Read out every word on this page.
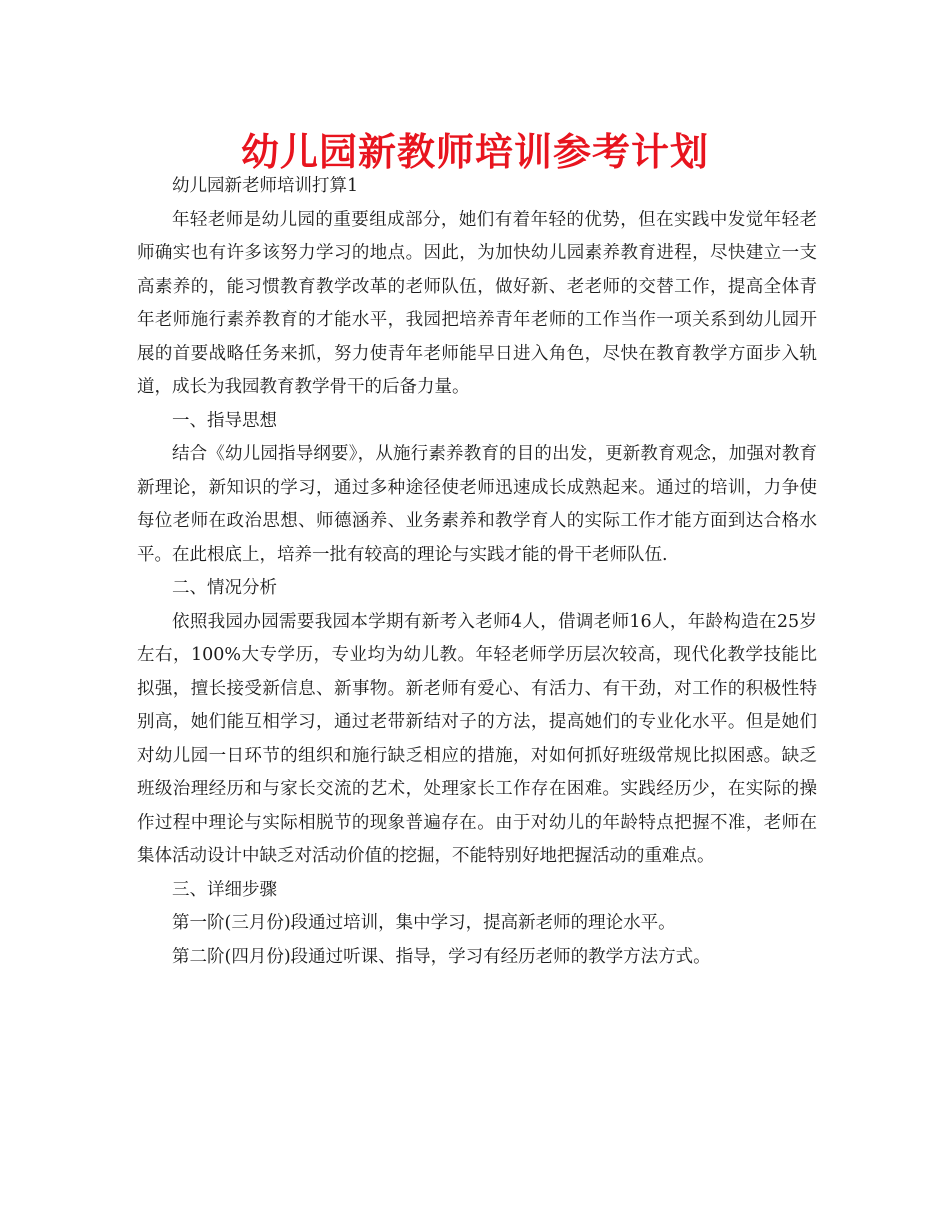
幼儿园新教师培训参考计划

幼儿园新老师培训打算1

年轻老师是幼儿园的重要组成部分，她们有着年轻的优势，但在实践中发觉年轻老师确实也有许多该努力学习的地点。因此，为加快幼儿园素养教育进程，尽快建立一支高素养的，能习惯教育教学改革的老师队伍，做好新、老老师的交替工作，提高全体青年老师施行素养教育的才能水平，我园把培养青年老师的工作当作一项关系到幼儿园开展的首要战略任务来抓，努力使青年老师能早日进入角色，尽快在教育教学方面步入轨道，成长为我园教育教学骨干的后备力量。

一、指导思想

结合《幼儿园指导纲要》，从施行素养教育的目的出发，更新教育观念，加强对教育新理论，新知识的学习，通过多种途径使老师迅速成长成熟起来。通过的培训，力争使每位老师在政治思想、师德涵养、业务素养和教学育人的实际工作才能方面到达合格水平。在此根底上，培养一批有较高的理论与实践才能的骨干老师队伍.

二、情况分析

依照我园办园需要我园本学期有新考入老师4人，借调老师16人，年龄构造在25岁左右，100%大专学历，专业均为幼儿教。年轻老师学历层次较高，现代化教学技能比拟强，擅长接受新信息、新事物。新老师有爱心、有活力、有干劲，对工作的积极性特别高，她们能互相学习，通过老带新结对子的方法，提高她们的专业化水平。但是她们对幼儿园一日环节的组织和施行缺乏相应的措施，对如何抓好班级常规比拟困惑。缺乏班级治理经历和与家长交流的艺术，处理家长工作存在困难。实践经历少，在实际的操作过程中理论与实际相脱节的现象普遍存在。由于对幼儿的年龄特点把握不准，老师在集体活动设计中缺乏对活动价值的挖掘，不能特别好地把握活动的重难点。

三、详细步骤

第一阶(三月份)段通过培训，集中学习，提高新老师的理论水平。

第二阶(四月份)段通过听课、指导，学习有经历老师的教学方法方式。
